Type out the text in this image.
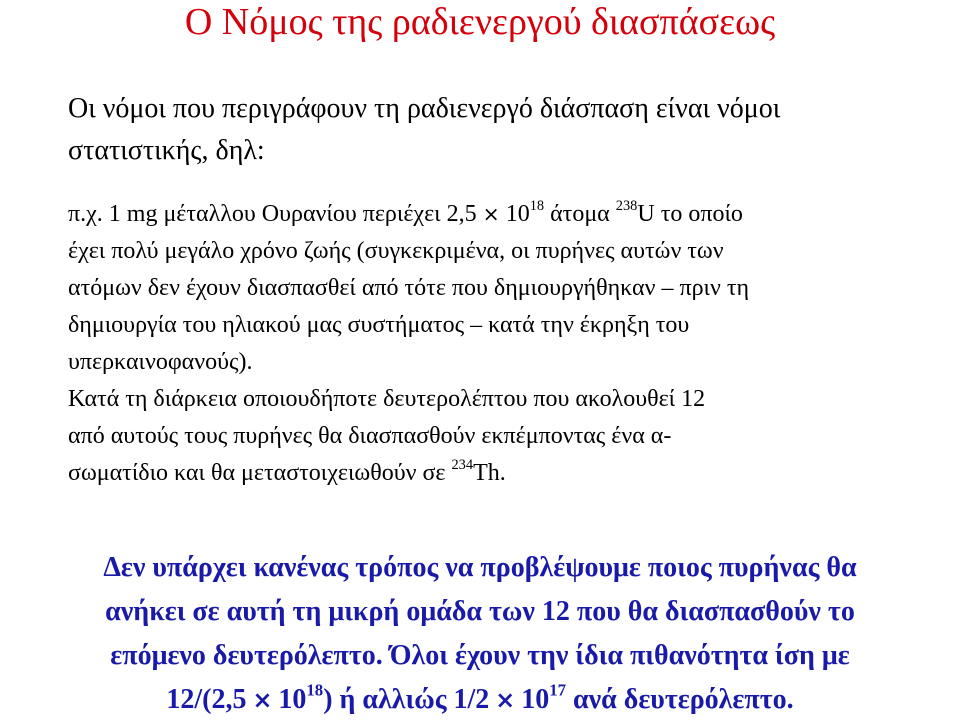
Ο Νόμος της ραδιενεργού διασπάσεως
Οι νόμοι που περιγράφουν τη ραδιενεργό διάσπαση είναι νόμοι
στατιστικής, δηλ:
π.χ. 1 mg μέταλλου Ουρανίου περιέχει $2,5 \times 10^{18}$ άτομα $^{238}$U το οποίο
έχει πολύ μεγάλο χρόνο ζωής (συγκεκριμένα, οι πυρήνες αυτών των
ατόμων δεν έχουν διασπασθεί από τότε που δημιουργήθηκαν – πριν τη
δημιουργία του ηλιακού μας συστήματος – κατά την έκρηξη του
υπερκαινοφανούς).
Κατά τη διάρκεια οποιουδήποτε δευτερολέπτου που ακολουθεί 12
από αυτούς τους πυρήνες θα διασπασθούν εκπέμποντας ένα α-
σωματίδιο και θα μεταστοιχειωθούν σε $^{234}$Th.
Δεν υπάρχει κανένας τρόπος να προβλέψουμε ποιος πυρήνας θα
ανήκει σε αυτή τη μικρή ομάδα των 12 που θα διασπασθούν το
επόμενο δευτερόλεπτο. Όλοι έχουν την ίδια πιθανότητα ίση με
$12/(2,5 \times 10^{18})$ ή αλλιώς $1/2 \times 10^{17}$ ανά δευτερόλεπτο.
